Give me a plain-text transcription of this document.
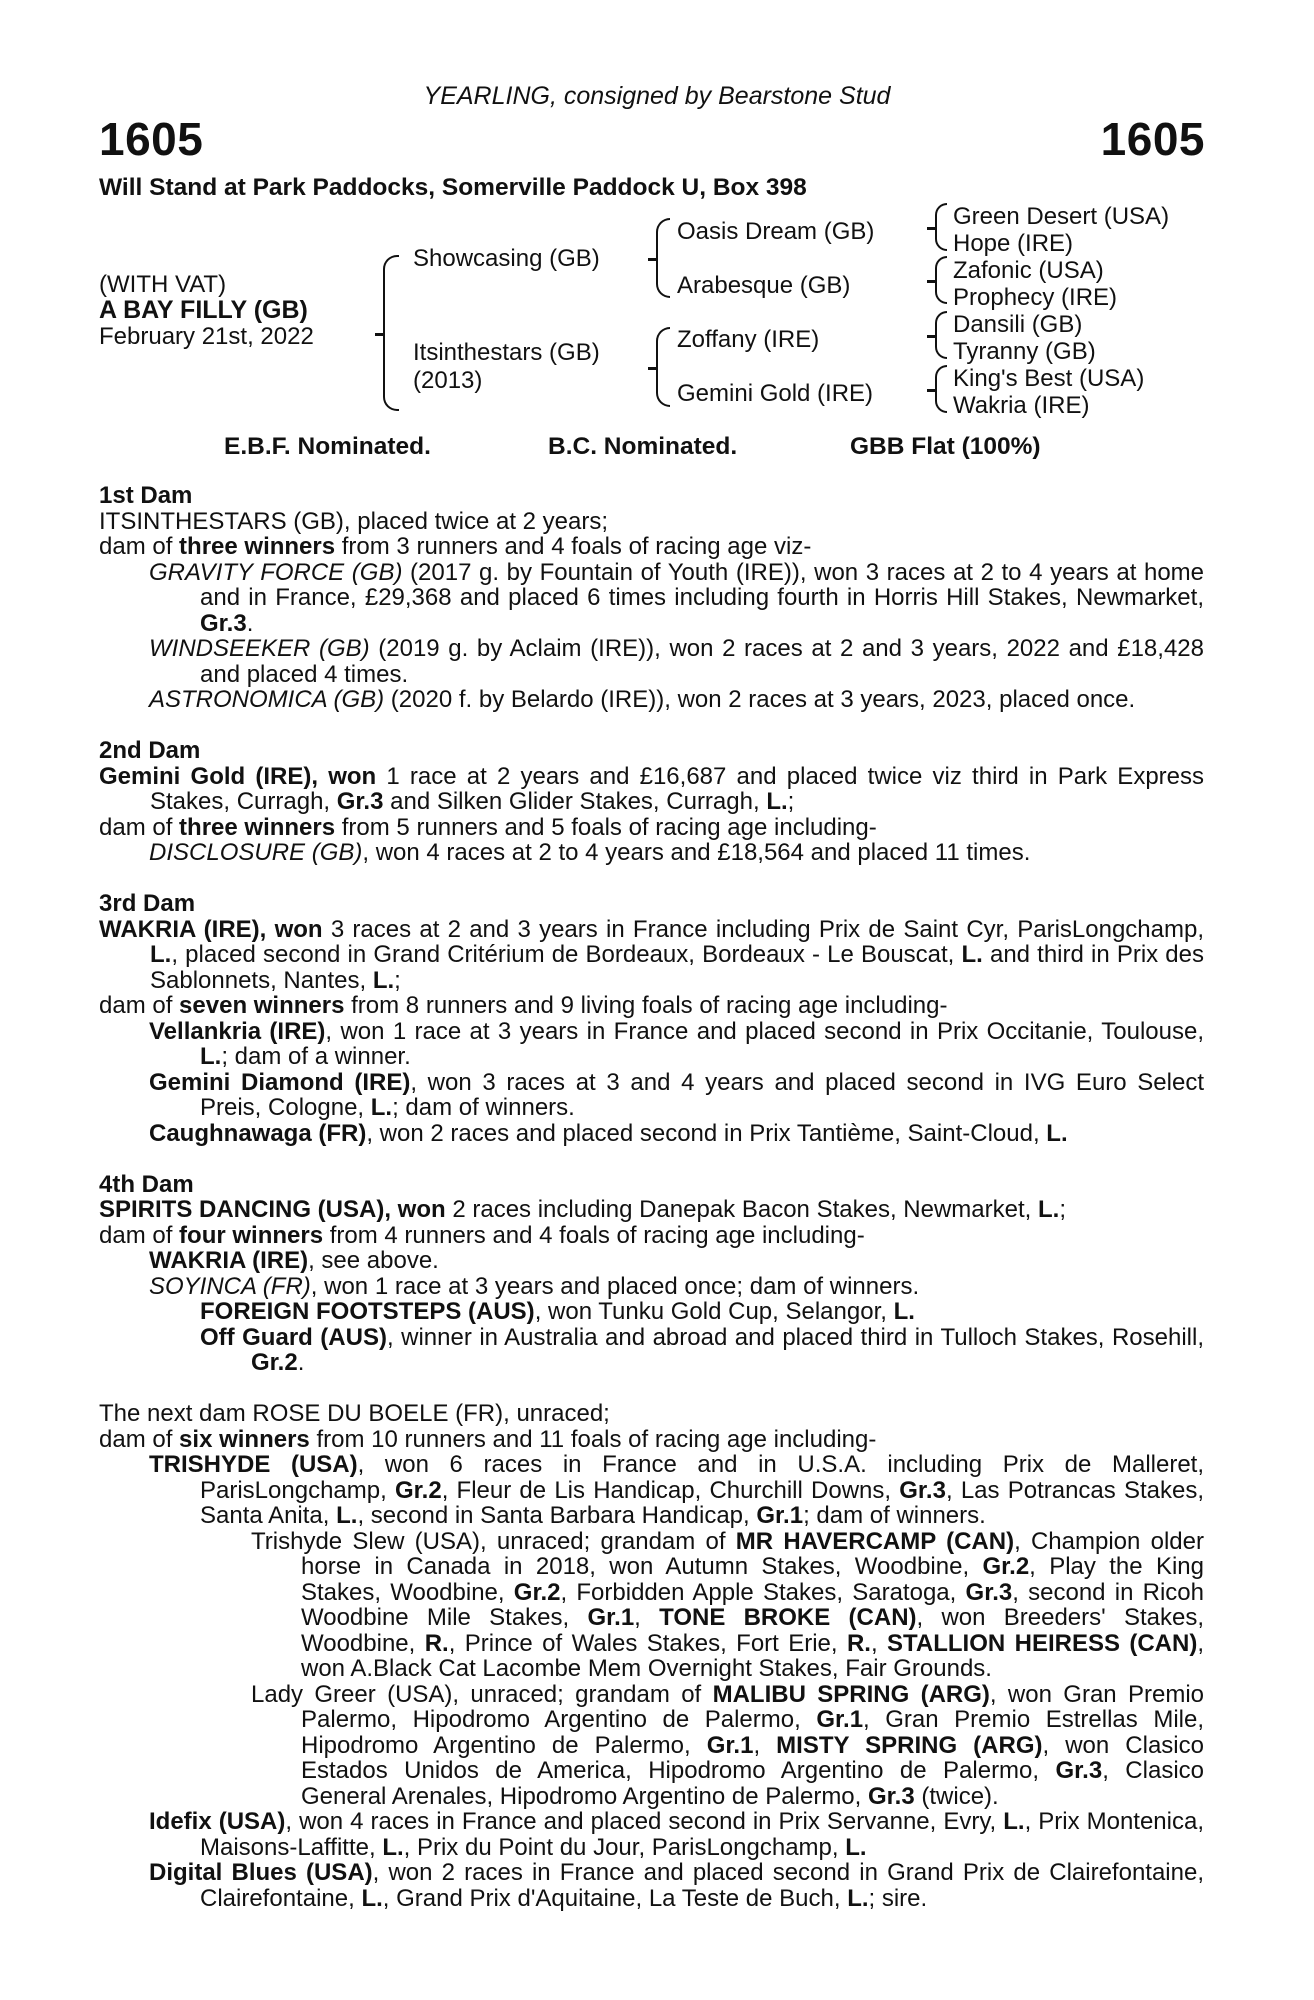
YEARLING, consigned by Bearstone Stud
1605	1605
Will Stand at Park Paddocks, Somerville Paddock U, Box 398
(WITH VAT)
A BAY FILLY (GB)
February 21st, 2022
Showcasing (GB)
Itsinthestars (GB)
(2013)
Oasis Dream (GB)
Arabesque (GB)
Zoffany (IRE)
Gemini Gold (IRE)
Green Desert (USA)
Hope (IRE)
Zafonic (USA)
Prophecy (IRE)
Dansili (GB)
Tyranny (GB)
King's Best (USA)
Wakria (IRE)
E.B.F. Nominated.	B.C. Nominated.	GBB Flat (100%)

1st Dam

ITSINTHESTARS (GB), placed twice at 2 years;

dam of three winners from 3 runners and 4 foals of racing age viz-

GRAVITY FORCE (GB) (2017 g. by Fountain of Youth (IRE)), won 3 races at 2 to 4 years at home and in France, £29,368 and placed 6 times including fourth in Horris Hill Stakes, Newmarket, Gr.3.

WINDSEEKER (GB) (2019 g. by Aclaim (IRE)), won 2 races at 2 and 3 years, 2022 and £18,428 and placed 4 times.

ASTRONOMICA (GB) (2020 f. by Belardo (IRE)), won 2 races at 3 years, 2023, placed once.

2nd Dam

Gemini Gold (IRE), won 1 race at 2 years and £16,687 and placed twice viz third in Park Express Stakes, Curragh, Gr.3 and Silken Glider Stakes, Curragh, L.;

dam of three winners from 5 runners and 5 foals of racing age including-

DISCLOSURE (GB), won 4 races at 2 to 4 years and £18,564 and placed 11 times.

3rd Dam

WAKRIA (IRE), won 3 races at 2 and 3 years in France including Prix de Saint Cyr, ParisLongchamp, L., placed second in Grand Critérium de Bordeaux, Bordeaux - Le Bouscat, L. and third in Prix des Sablonnets, Nantes, L.;

dam of seven winners from 8 runners and 9 living foals of racing age including-

Vellankria (IRE), won 1 race at 3 years in France and placed second in Prix Occitanie, Toulouse, L.; dam of a winner.

Gemini Diamond (IRE), won 3 races at 3 and 4 years and placed second in IVG Euro Select Preis, Cologne, L.; dam of winners.

Caughnawaga (FR), won 2 races and placed second in Prix Tantième, Saint-Cloud, L.

4th Dam

SPIRITS DANCING (USA), won 2 races including Danepak Bacon Stakes, Newmarket, L.;

dam of four winners from 4 runners and 4 foals of racing age including-

WAKRIA (IRE), see above.

SOYINCA (FR), won 1 race at 3 years and placed once; dam of winners.

FOREIGN FOOTSTEPS (AUS), won Tunku Gold Cup, Selangor, L.

Off Guard (AUS), winner in Australia and abroad and placed third in Tulloch Stakes, Rosehill, Gr.2.

The next dam ROSE DU BOELE (FR), unraced;

dam of six winners from 10 runners and 11 foals of racing age including-

TRISHYDE (USA), won 6 races in France and in U.S.A. including Prix de Malleret, ParisLongchamp, Gr.2, Fleur de Lis Handicap, Churchill Downs, Gr.3, Las Potrancas Stakes, Santa Anita, L., second in Santa Barbara Handicap, Gr.1; dam of winners.

Trishyde Slew (USA), unraced; grandam of MR HAVERCAMP (CAN), Champion older horse in Canada in 2018, won Autumn Stakes, Woodbine, Gr.2, Play the King Stakes, Woodbine, Gr.2, Forbidden Apple Stakes, Saratoga, Gr.3, second in Ricoh Woodbine Mile Stakes, Gr.1, TONE BROKE (CAN), won Breeders' Stakes, Woodbine, R., Prince of Wales Stakes, Fort Erie, R., STALLION HEIRESS (CAN), won A.Black Cat Lacombe Mem Overnight Stakes, Fair Grounds.

Lady Greer (USA), unraced; grandam of MALIBU SPRING (ARG), won Gran Premio Palermo, Hipodromo Argentino de Palermo, Gr.1, Gran Premio Estrellas Mile, Hipodromo Argentino de Palermo, Gr.1, MISTY SPRING (ARG), won Clasico Estados Unidos de America, Hipodromo Argentino de Palermo, Gr.3, Clasico General Arenales, Hipodromo Argentino de Palermo, Gr.3 (twice).

Idefix (USA), won 4 races in France and placed second in Prix Servanne, Evry, L., Prix Montenica, Maisons-Laffitte, L., Prix du Point du Jour, ParisLongchamp, L.

Digital Blues (USA), won 2 races in France and placed second in Grand Prix de Clairefontaine, Clairefontaine, L., Grand Prix d'Aquitaine, La Teste de Buch, L.; sire.
